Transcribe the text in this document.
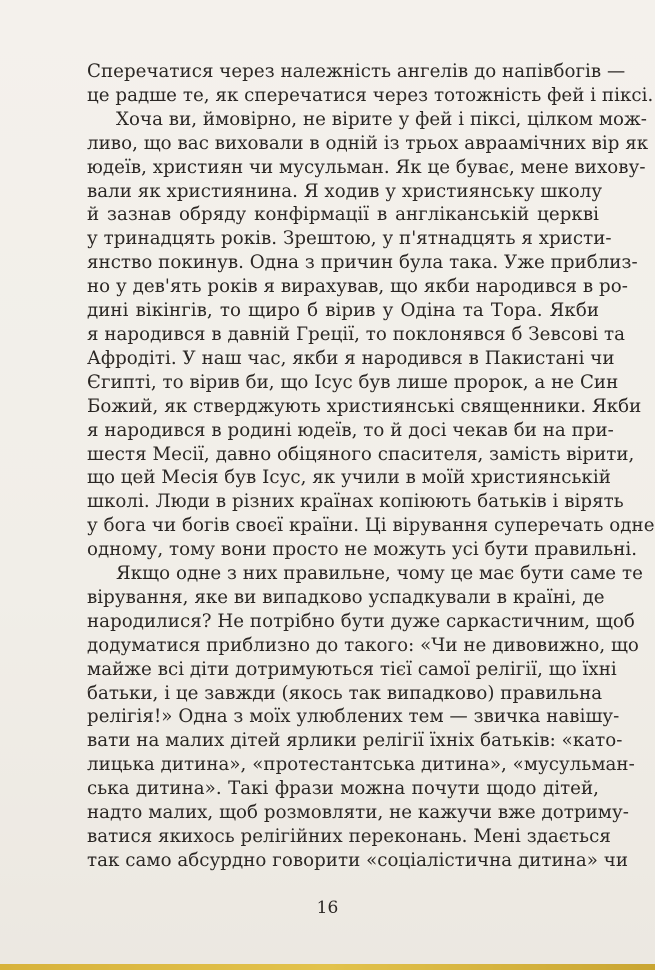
Сперечатися через належність ангелів до напівбогів —
це радше те, як сперечатися через тотожність фей і піксі.
Хоча ви, ймовірно, не вірите у фей і піксі, цілком мож-
ливо, що вас виховали в одній із трьох авраамічних вір як
юдеїв, християн чи мусульман. Як це буває, мене вихову-
вали як християнина. Я ходив у християнську школу
й зазнав обряду конфірмації в англіканській церкві
у тринадцять років. Зрештою, у п'ятнадцять я христи-
янство покинув. Одна з причин була така. Уже приблиз-
но у дев'ять років я вирахував, що якби народився в ро-
дині вікінгів, то щиро б вірив у Одіна та Тора. Якби
я народився в давній Греції, то поклонявся б Зевсові та
Афродіті. У наш час, якби я народився в Пакистані чи
Єгипті, то вірив би, що Ісус був лише пророк, а не Син
Божий, як стверджують християнські священники. Якби
я народився в родині юдеїв, то й досі чекав би на при-
шестя Месії, давно обіцяного спасителя, замість вірити,
що цей Месія був Ісус, як учили в моїй християнській
школі. Люди в різних країнах копіюють батьків і вірять
у бога чи богів своєї країни. Ці вірування суперечать одне
одному, тому вони просто не можуть усі бути правильні.
Якщо одне з них правильне, чому це має бути саме те
вірування, яке ви випадково успадкували в країні, де
народилися? Не потрібно бути дуже саркастичним, щоб
додуматися приблизно до такого: «Чи не дивовижно, що
майже всі діти дотримуються тієї самої релігії, що їхні
батьки, і це завжди (якось так випадково) правильна
релігія!» Одна з моїх улюблених тем — звичка навішу-
вати на малих дітей ярлики релігії їхніх батьків: «като-
лицька дитина», «протестантська дитина», «мусульман-
ська дитина». Такі фрази можна почути щодо дітей,
надто малих, щоб розмовляти, не кажучи вже дотриму-
ватися якихось релігійних переконань. Мені здається
так само абсурдно говорити «соціалістична дитина» чи
16
